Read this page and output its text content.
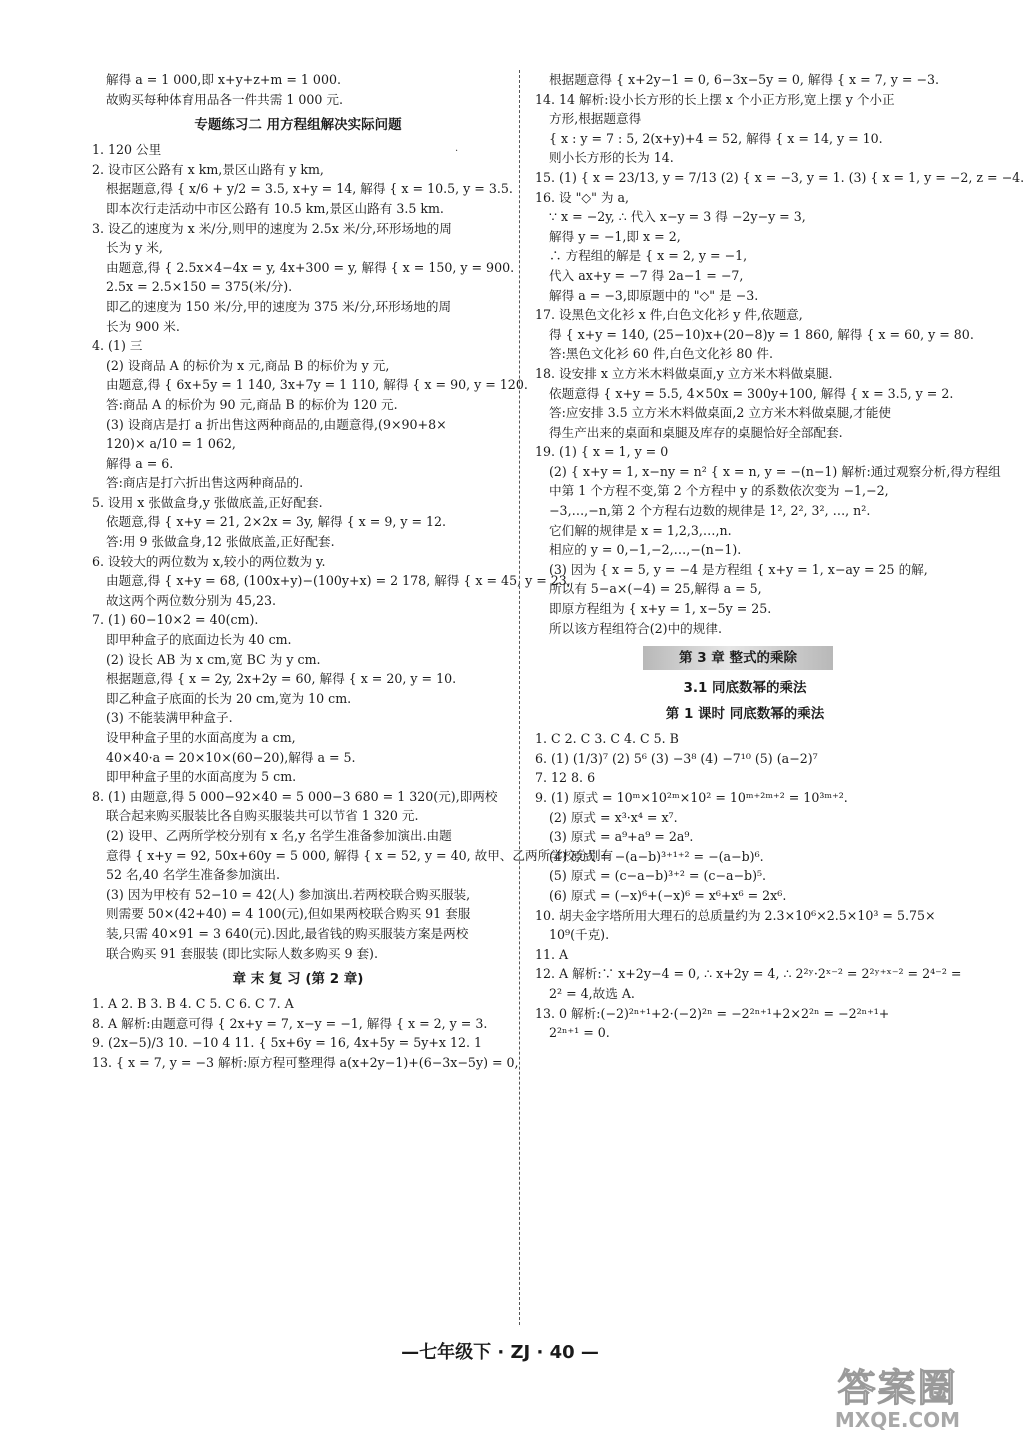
解得 a = 1 000,即 x+y+z+m = 1 000.
故购买每种体育用品各一件共需 1 000 元.
专题练习二 用方程组解决实际问题
1. 120 公里
2. 设市区公路有 x km,景区山路有 y km,
根据题意,得 { x/6 + y/2 = 3.5, x+y = 14, 解得 { x = 10.5, y = 3.5.
即本次行走活动中市区公路有 10.5 km,景区山路有 3.5 km.
3. 设乙的速度为 x 米/分,则甲的速度为 2.5x 米/分,环形场地的周
长为 y 米,
由题意,得 { 2.5x×4−4x = y, 4x+300 = y, 解得 { x = 150, y = 900.
2.5x = 2.5×150 = 375(米/分).
即乙的速度为 150 米/分,甲的速度为 375 米/分,环形场地的周
长为 900 米.
4. (1) 三
(2) 设商品 A 的标价为 x 元,商品 B 的标价为 y 元,
由题意,得 { 6x+5y = 1 140, 3x+7y = 1 110, 解得 { x = 90, y = 120.
答:商品 A 的标价为 90 元,商品 B 的标价为 120 元.
(3) 设商店是打 a 折出售这两种商品的,由题意得,(9×90+8×
120)× a/10 = 1 062,
解得 a = 6.
答:商店是打六折出售这两种商品的.
5. 设用 x 张做盒身,y 张做底盖,正好配套.
依题意,得 { x+y = 21, 2×2x = 3y, 解得 { x = 9, y = 12.
答:用 9 张做盒身,12 张做底盖,正好配套.
6. 设较大的两位数为 x,较小的两位数为 y.
由题意,得 { x+y = 68, (100x+y)−(100y+x) = 2 178, 解得 { x = 45, y = 23,
故这两个两位数分别为 45,23.
7. (1) 60−10×2 = 40(cm).
即甲种盒子的底面边长为 40 cm.
(2) 设长 AB 为 x cm,宽 BC 为 y cm.
根据题意,得 { x = 2y, 2x+2y = 60, 解得 { x = 20, y = 10.
即乙种盒子底面的长为 20 cm,宽为 10 cm.
(3) 不能装满甲种盒子.
设甲种盒子里的水面高度为 a cm,
40×40·a = 20×10×(60−20),解得 a = 5.
即甲种盒子里的水面高度为 5 cm.
8. (1) 由题意,得 5 000−92×40 = 5 000−3 680 = 1 320(元),即两校
联合起来购买服装比各自购买服装共可以节省 1 320 元.
(2) 设甲、乙两所学校分别有 x 名,y 名学生准备参加演出.由题
意得 { x+y = 92, 50x+60y = 5 000, 解得 { x = 52, y = 40, 故甲、乙两所学校分别有
52 名,40 名学生准备参加演出.
(3) 因为甲校有 52−10 = 42(人) 参加演出.若两校联合购买服装,
则需要 50×(42+40) = 4 100(元),但如果两校联合购买 91 套服
装,只需 40×91 = 3 640(元).因此,最省钱的购买服装方案是两校
联合购买 91 套服装 (即比实际人数多购买 9 套).
章 末 复 习 (第 2 章)
1. A 2. B 3. B 4. C 5. C 6. C 7. A
8. A 解析:由题意可得 { 2x+y = 7, x−y = −1, 解得 { x = 2, y = 3.
9. (2x−5)/3 10. −10 4 11. { 5x+6y = 16, 4x+5y = 5y+x 12. 1
13. { x = 7, y = −3 解析:原方程可整理得 a(x+2y−1)+(6−3x−5y) = 0,
根据题意得 { x+2y−1 = 0, 6−3x−5y = 0, 解得 { x = 7, y = −3.
14. 14 解析:设小长方形的长上摆 x 个小正方形,宽上摆 y 个小正
方形,根据题意得
{ x : y = 7 : 5, 2(x+y)+4 = 52, 解得 { x = 14, y = 10.
则小长方形的长为 14.
15. (1) { x = 23/13, y = 7/13 (2) { x = −3, y = 1. (3) { x = 1, y = −2, z = −4.
16. 设 "◇" 为 a,
∵ x = −2y, ∴ 代入 x−y = 3 得 −2y−y = 3,
解得 y = −1,即 x = 2,
∴ 方程组的解是 { x = 2, y = −1,
代入 ax+y = −7 得 2a−1 = −7,
解得 a = −3,即原题中的 "◇" 是 −3.
17. 设黑色文化衫 x 件,白色文化衫 y 件,依题意,
得 { x+y = 140, (25−10)x+(20−8)y = 1 860, 解得 { x = 60, y = 80.
答:黑色文化衫 60 件,白色文化衫 80 件.
18. 设安排 x 立方米木料做桌面,y 立方米木料做桌腿.
依题意得 { x+y = 5.5, 4×50x = 300y+100, 解得 { x = 3.5, y = 2.
答:应安排 3.5 立方米木料做桌面,2 立方米木料做桌腿,才能使
得生产出来的桌面和桌腿及库存的桌腿恰好全部配套.
19. (1) { x = 1, y = 0
(2) { x+y = 1, x−ny = n² { x = n, y = −(n−1) 解析:通过观察分析,得方程组
中第 1 个方程不变,第 2 个方程中 y 的系数依次变为 −1,−2,
−3,…,−n,第 2 个方程右边数的规律是 1², 2², 3², …, n².
它们解的规律是 x = 1,2,3,…,n.
相应的 y = 0,−1,−2,…,−(n−1).
(3) 因为 { x = 5, y = −4 是方程组 { x+y = 1, x−ay = 25 的解,
所以有 5−a×(−4) = 25,解得 a = 5,
即原方程组为 { x+y = 1, x−5y = 25.
所以该方程组符合(2)中的规律.
第 3 章 整式的乘除
3.1 同底数幂的乘法
第 1 课时 同底数幂的乘法
1. C 2. C 3. C 4. C 5. B
6. (1) (1/3)⁷ (2) 5⁶ (3) −3⁸ (4) −7¹⁰ (5) (a−2)⁷
7. 12 8. 6
9. (1) 原式 = 10ᵐ×10²ᵐ×10² = 10ᵐ⁺²ᵐ⁺² = 10³ᵐ⁺².
(2) 原式 = x³·x⁴ = x⁷.
(3) 原式 = a⁹+a⁹ = 2a⁹.
(4) 原式 = −(a−b)³⁺¹⁺² = −(a−b)⁶.
(5) 原式 = (c−a−b)³⁺² = (c−a−b)⁵.
(6) 原式 = (−x)⁶+(−x)⁶ = x⁶+x⁶ = 2x⁶.
10. 胡夫金字塔所用大理石的总质量约为 2.3×10⁶×2.5×10³ = 5.75×
10⁹(千克).
11. A
12. A 解析:∵ x+2y−4 = 0, ∴ x+2y = 4, ∴ 2²ʸ·2ˣ⁻² = 2²ʸ⁺ˣ⁻² = 2⁴⁻² =
2² = 4,故选 A.
13. 0 解析:(−2)²ⁿ⁺¹+2·(−2)²ⁿ = −2²ⁿ⁺¹+2×2²ⁿ = −2²ⁿ⁺¹+
2²ⁿ⁺¹ = 0.
·
—七年级下 · ZJ · 40 —
答案圈
MXQE.COM
